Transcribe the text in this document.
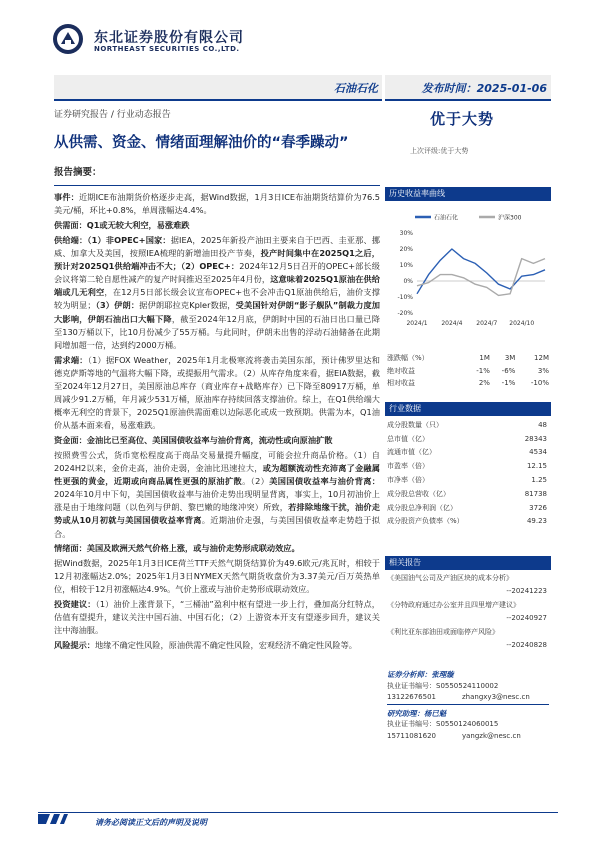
东北证券股份有限公司
NORTHEAST SECURITIES CO.,LTD.
石油石化	发布时间：2025-01-06
证券研究报告 / 行业动态报告
从供需、资金、情绪面理解油价的“春季躁动”
优于大势
上次评级:优于大势
报告摘要：

事件：近期ICE布油期货价格逐步走高，据Wind数据，1月3日ICE布油期货结算价为76.5美元/桶，环比+0.8%，单周涨幅达4.4%。

供需面：Q1或无较大利空，易涨难跌

供给端：（1）非OPEC+国家：据IEA，2025年新投产油田主要来自于巴西、圭亚那、挪威、加拿大及美国，按照IEA梳理的新增油田投产节奏，投产时间集中在2025Q1之后，预计对2025Q1供给端冲击不大；（2）OPEC+：2024年12月5日召开的OPEC+部长级会议将第二轮自愿性减产的复产时间推迟至2025年4月份，这意味着2025Q1原油在供给端或几无利空，在12月5日部长级会议宣布OPEC+也不会冲击Q1原油供给后，油价支撑较为明显；（3）伊朗：据伊朗耶拉克Kpler数据，受美国针对伊朗“影子舰队”制裁力度加大影响，伊朗石油出口大幅下降，截至2024年12月底，伊朗时中国的石油日出口量已降至130万桶以下，比10月份减少了55万桶。与此同时，伊朗未出售的浮动石油储备在此期间增加超一倍，达到约2000万桶。

需求端：（1）据FOX Weather，2025年1月北极寒流将袭击美国东部，预计佛罗里达和德克萨斯等地的气温将大幅下降，或提振用气需求。（2）从库存角度来看，据EIA数据，截至2024年12月27日，美国原油总库存（商业库存+战略库存）已下降至80917万桶，单周减少91.2万桶，年月减少531万桶，原油库存持续回落支撑油价。综上，在Q1供给端大概率无利空的背景下，2025Q1原油供需面难以边际恶化或成一致预期。供需为本，Q1油价从基本面来看，易涨难跌。

资金面：金油比已至高位、美国国债收益率与油价背离，流动性或向原油扩散

按照费雪公式，货币宽松程度高于商品交易量提升幅度，可能会拉升商品价格。（1）自2024H2以来，金价走高，油价走弱，金油比迅速拉大，或为超额流动性充沛离了金融属性更强的黄金，近期或向商品属性更强的原油扩散。（2）美国国债收益率与油价背离：2024年10月中下旬，美国国债收益率与油价走势出现明显背离，事实上，10月初油价上涨是由于地缘问题（以色列与伊朗、黎巴嫩的地缘冲突）所致，若排除地缘干扰，油价走势或从10月初就与美国国债收益率背离。近期油价走强，与美国国债收益率走势趋于拟合。

情绪面：美国及欧洲天然气价格上涨，或与油价走势形成联动效应。

据Wind数据，2025年1月3日ICE荷兰TTF天然气期货结算价为49.6欧元/兆瓦时，相较于12月初涨幅达2.0%；2025年1月3日NYMEX天然气期货收盘价为3.37美元/百万英热单位，相较于12月初涨幅达4.9%。气价上涨或与油价走势形成联动效应。

投资建议：（1）油价上涨背景下，“三桶油”盈利中枢有望进一步上行，叠加高分红特点，估值有望提升，建议关注中国石油、中国石化；（2）上游资本开支有望逐步回升，建议关注中海油服。

风险提示：地缘不确定性风险，原油供需不确定性风险，宏观经济不确定性风险等。

历史收益率曲线
石油石化	沪深300
30%
20%
10%
0%
-10%
-20%
2024/1 2024/4 2024/7 2024/10
涨跌幅（%）	1M	3M	12M
绝对收益	-1%	-6%	3%
相对收益	2%	-1%	-10%
行业数据
成分股数量（只）	48
总市值（亿）	28343
流通市值（亿）	4534
市盈率（倍）	12.15
市净率（倍）	1.25
成分股总营收（亿）	81738
成分股总净利润（亿）	3726
成分股资产负债率（%）	49.23
相关报告
《美国油气公司及产油区块的成本分析》
--20241223
《分特政府通过办公室并且四里增产建议》
--20240927
《利比亚东部油田或面临停产风险》
--20240828
证券分析师：张理璇
执业证书编号：S0550524110002
13122676501	zhangxy3@nesc.cn
研究助理：杨已魁
执业证书编号：S0550124060015
15711081620	yangzk@nesc.cn
请务必阅读正文后的声明及说明
